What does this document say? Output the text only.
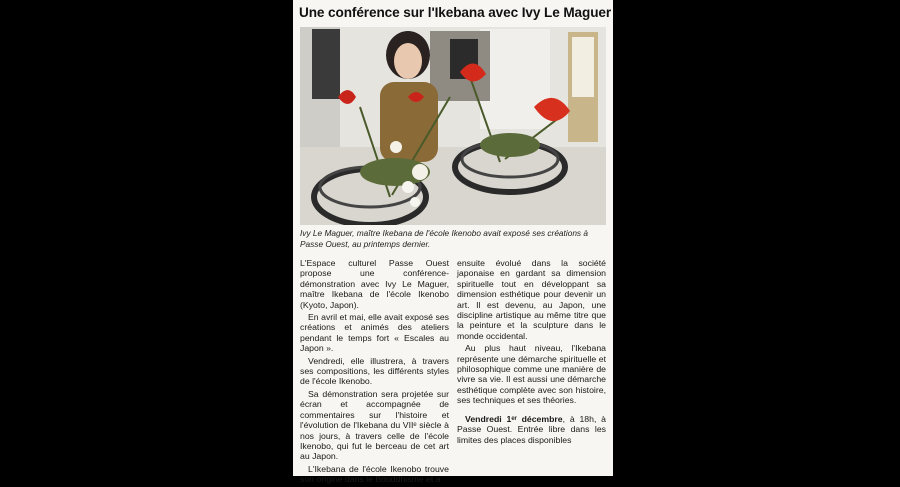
Une conférence sur l'Ikebana avec Ivy Le Maguer
Ivy Le Maguer, maître Ikebana de l'école Ikenobo avait exposé ses créations à Passe Ouest, au printemps dernier.

L'Espace culturel Passe Ouest propose une conférence-démonstration avec Ivy Le Maguer, maître Ikebana de l'école Ikenobo (Kyoto, Japon).

En avril et mai, elle avait exposé ses créations et animés des ateliers pendant le temps fort « Escales au Japon ».

Vendredi, elle illustrera, à travers ses compositions, les différents styles de l'école Ikenobo.

Sa démonstration sera projetée sur écran et accompagnée de commentaires sur l'histoire et l'évolution de l'Ikebana du VIIᵉ siècle à nos jours, à travers celle de l'école Ikenobo, qui fut le berceau de cet art au Japon.

L'Ikebana de l'école Ikenobo trouve son origine dans le Bouddhisme et a

ensuite évolué dans la société japonaise en gardant sa dimension spirituelle tout en développant sa dimension esthétique pour devenir un art. Il est devenu, au Japon, une discipline artistique au même titre que la peinture et la sculpture dans le monde occidental.

Au plus haut niveau, l'Ikebana représente une démarche spirituelle et philosophique comme une manière de vivre sa vie. Il est aussi une démarche esthétique complète avec son histoire, ses techniques et ses théories.

Vendredi 1ᵉʳ décembre, à 18h, à Passe Ouest. Entrée libre dans les limites des places disponibles
